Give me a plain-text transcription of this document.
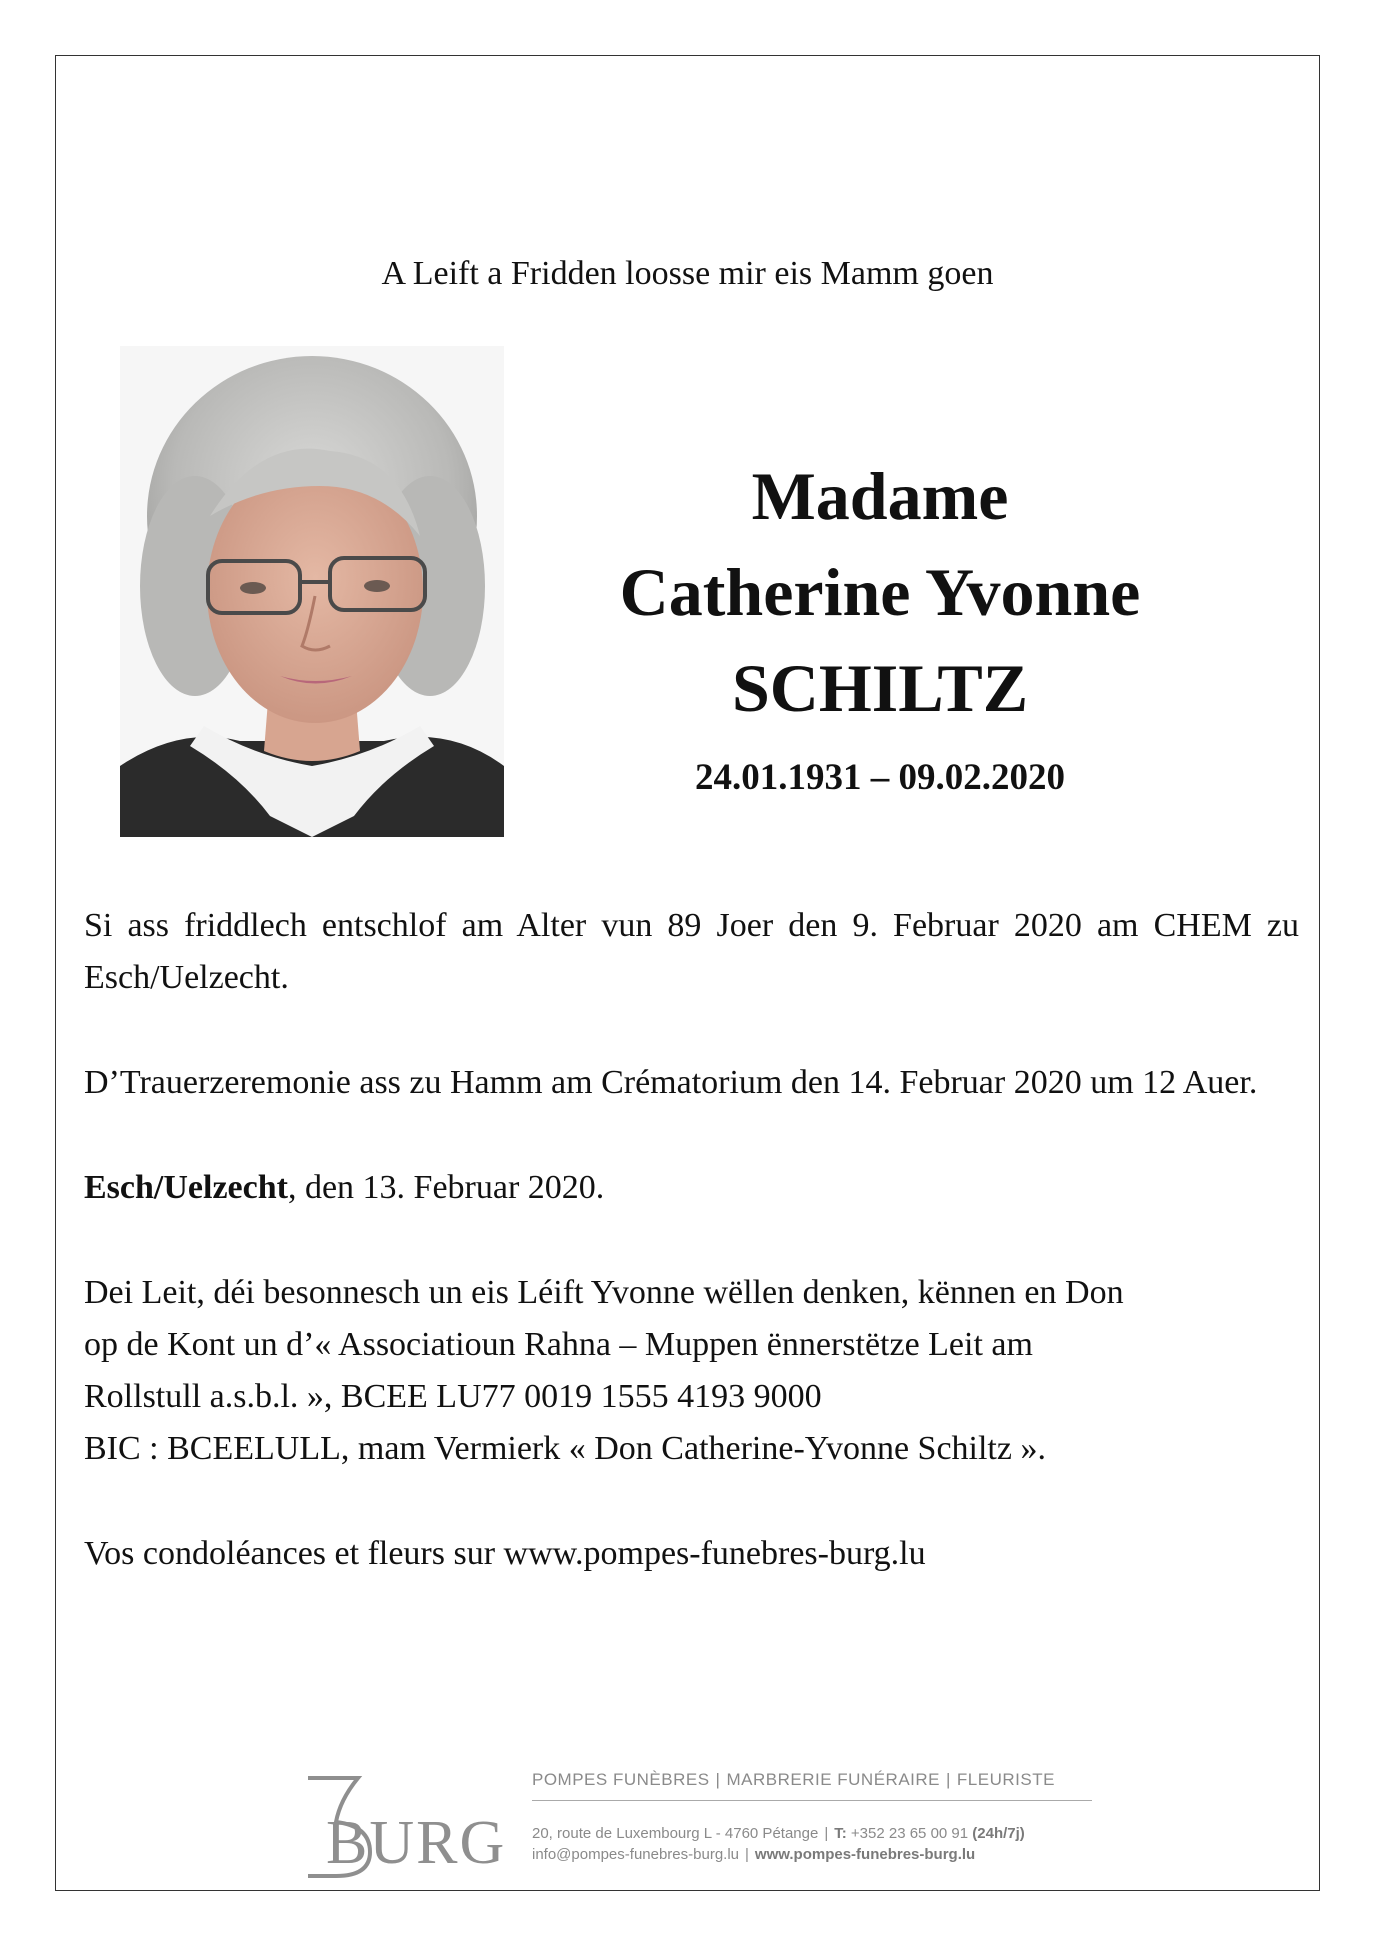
A Leift a Fridden loosse mir eis Mamm goen
Madame
Catherine Yvonne
SCHILTZ
24.01.1931 – 09.02.2020

Si ass friddlech entschlof am Alter vun 89 Joer den 9. Februar 2020 am CHEM zu Esch/Uelzecht.

D’Trauerzeremonie ass zu Hamm am Crématorium den 14. Februar 2020 um 12 Auer.

Esch/Uelzecht, den 13. Februar 2020.

Dei Leit, déi besonnesch un eis Léift Yvonne wëllen denken, kënnen en Don
op de Kont un d’« Associatioun Rahna – Muppen ënnerstëtze Leit am
Rollstull a.s.b.l. », BCEE LU77 0019 1555 4193 9000
BIC : BCEELULL, mam Vermierk « Don Catherine-Yvonne Schiltz ».

Vos condoléances et fleurs sur www.pompes-funebres-burg.lu

BURG
POMPES FUNÈBRES | MARBRERIE FUNÉRAIRE | FLEURISTE
20, route de Luxembourg L - 4760 Pétange | T: +352 23 65 00 91 (24h/7j)
info@pompes-funebres-burg.lu | www.pompes-funebres-burg.lu
